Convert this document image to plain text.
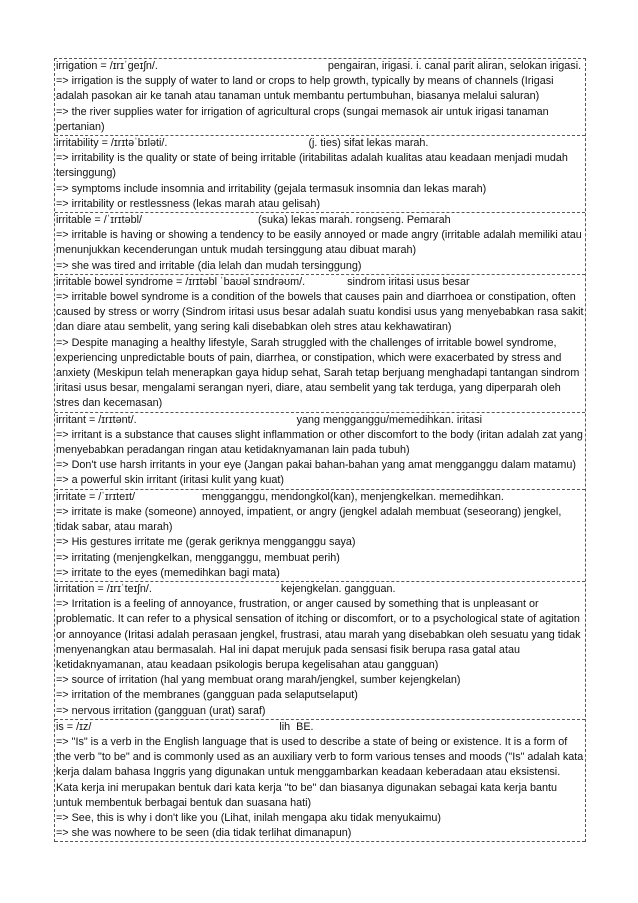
irrigation = /ɪrɪˈɡeɪʃn/.	pengairan, irigasi. i. canal parit aliran, selokan irigasi.
=> irrigation is the supply of water to land or crops to help growth, typically by means of channels (Irigasi adalah pasokan air ke tanah atau tanaman untuk membantu pertumbuhan, biasanya melalui saluran)
=> the river supplies water for irrigation of agricultural crops (sungai memasok air untuk irigasi tanaman pertanian)
irritability = /ɪrɪtəˈbɪləti/.	(j. ties) sifat lekas marah.
=> irritability is the quality or state of being irritable (iritabilitas adalah kualitas atau keadaan menjadi mudah tersinggung)
=> symptoms include insomnia and irritability (gejala termasuk insomnia dan lekas marah)
=> irritability or restlessness (lekas marah atau gelisah)
irritable = /ˈɪrɪtəbl/	(suka) lekas marah. rongseng. Pemarah
=> irritable is having or showing a tendency to be easily annoyed or made angry (irritable adalah memiliki atau menunjukkan kecenderungan untuk mudah tersinggung atau dibuat marah)
=> she was tired and irritable (dia lelah dan mudah tersinggung)
irritable bowel syndrome = /ɪrɪtəbl ˈbaʊəl sɪndrəʊm/.	sindrom iritasi usus besar
=> irritable bowel syndrome is a condition of the bowels that causes pain and diarrhoea or constipation, often caused by stress or worry (Sindrom iritasi usus besar adalah suatu kondisi usus yang menyebabkan rasa sakit dan diare atau sembelit, yang sering kali disebabkan oleh stres atau kekhawatiran)
=> Despite managing a healthy lifestyle, Sarah struggled with the challenges of irritable bowel syndrome, experiencing unpredictable bouts of pain, diarrhea, or constipation, which were exacerbated by stress and anxiety (Meskipun telah menerapkan gaya hidup sehat, Sarah tetap berjuang menghadapi tantangan sindrom iritasi usus besar, mengalami serangan nyeri, diare, atau sembelit yang tak terduga, yang diperparah oleh stres dan kecemasan)
irritant = /ɪrɪtənt/.	yang mengganggu/memedihkan. iritasi
=> irritant is a substance that causes slight inflammation or other discomfort to the body (iritan adalah zat yang menyebabkan peradangan ringan atau ketidaknyamanan lain pada tubuh)
=> Don't use harsh irritants in your eye (Jangan pakai bahan-bahan yang amat mengganggu dalam matamu)
=> a powerful skin irritant (iritasi kulit yang kuat)
irritate = /ˈɪrɪteɪt/	mengganggu, mendongkol(kan), menjengkelkan. memedihkan.
=> irritate is make (someone) annoyed, impatient, or angry (jengkel adalah membuat (seseorang) jengkel, tidak sabar, atau marah)
=> His gestures irritate me (gerak geriknya mengganggu saya)
=> irritating (menjengkelkan, mengganggu, membuat perih)
=> irritate to the eyes (memedihkan bagi mata)
irritation = /ɪrɪˈteɪʃn/.	kejengkelan. gangguan.
=> Irritation is a feeling of annoyance, frustration, or anger caused by something that is unpleasant or problematic. It can refer to a physical sensation of itching or discomfort, or to a psychological state of agitation or annoyance (Iritasi adalah perasaan jengkel, frustrasi, atau marah yang disebabkan oleh sesuatu yang tidak menyenangkan atau bermasalah. Hal ini dapat merujuk pada sensasi fisik berupa rasa gatal atau ketidaknyamanan, atau keadaan psikologis berupa kegelisahan atau gangguan)
=> source of irritation (hal yang membuat orang marah/jengkel, sumber kejengkelan)
=> irritation of the membranes (gangguan pada selaputselaput)
=> nervous irritation (gangguan (urat) saraf)
is = /ɪz/	lih  BE.
=> "Is" is a verb in the English language that is used to describe a state of being or existence. It is a form of the verb "to be" and is commonly used as an auxiliary verb to form various tenses and moods ("Is" adalah kata kerja dalam bahasa Inggris yang digunakan untuk menggambarkan keadaan keberadaan atau eksistensi. Kata kerja ini merupakan bentuk dari kata kerja "to be" dan biasanya digunakan sebagai kata kerja bantu untuk membentuk berbagai bentuk dan suasana hati)
=> See, this is why i don't like you (Lihat, inilah mengapa aku tidak menyukaimu)
=> she was nowhere to be seen (dia tidak terlihat dimanapun)
